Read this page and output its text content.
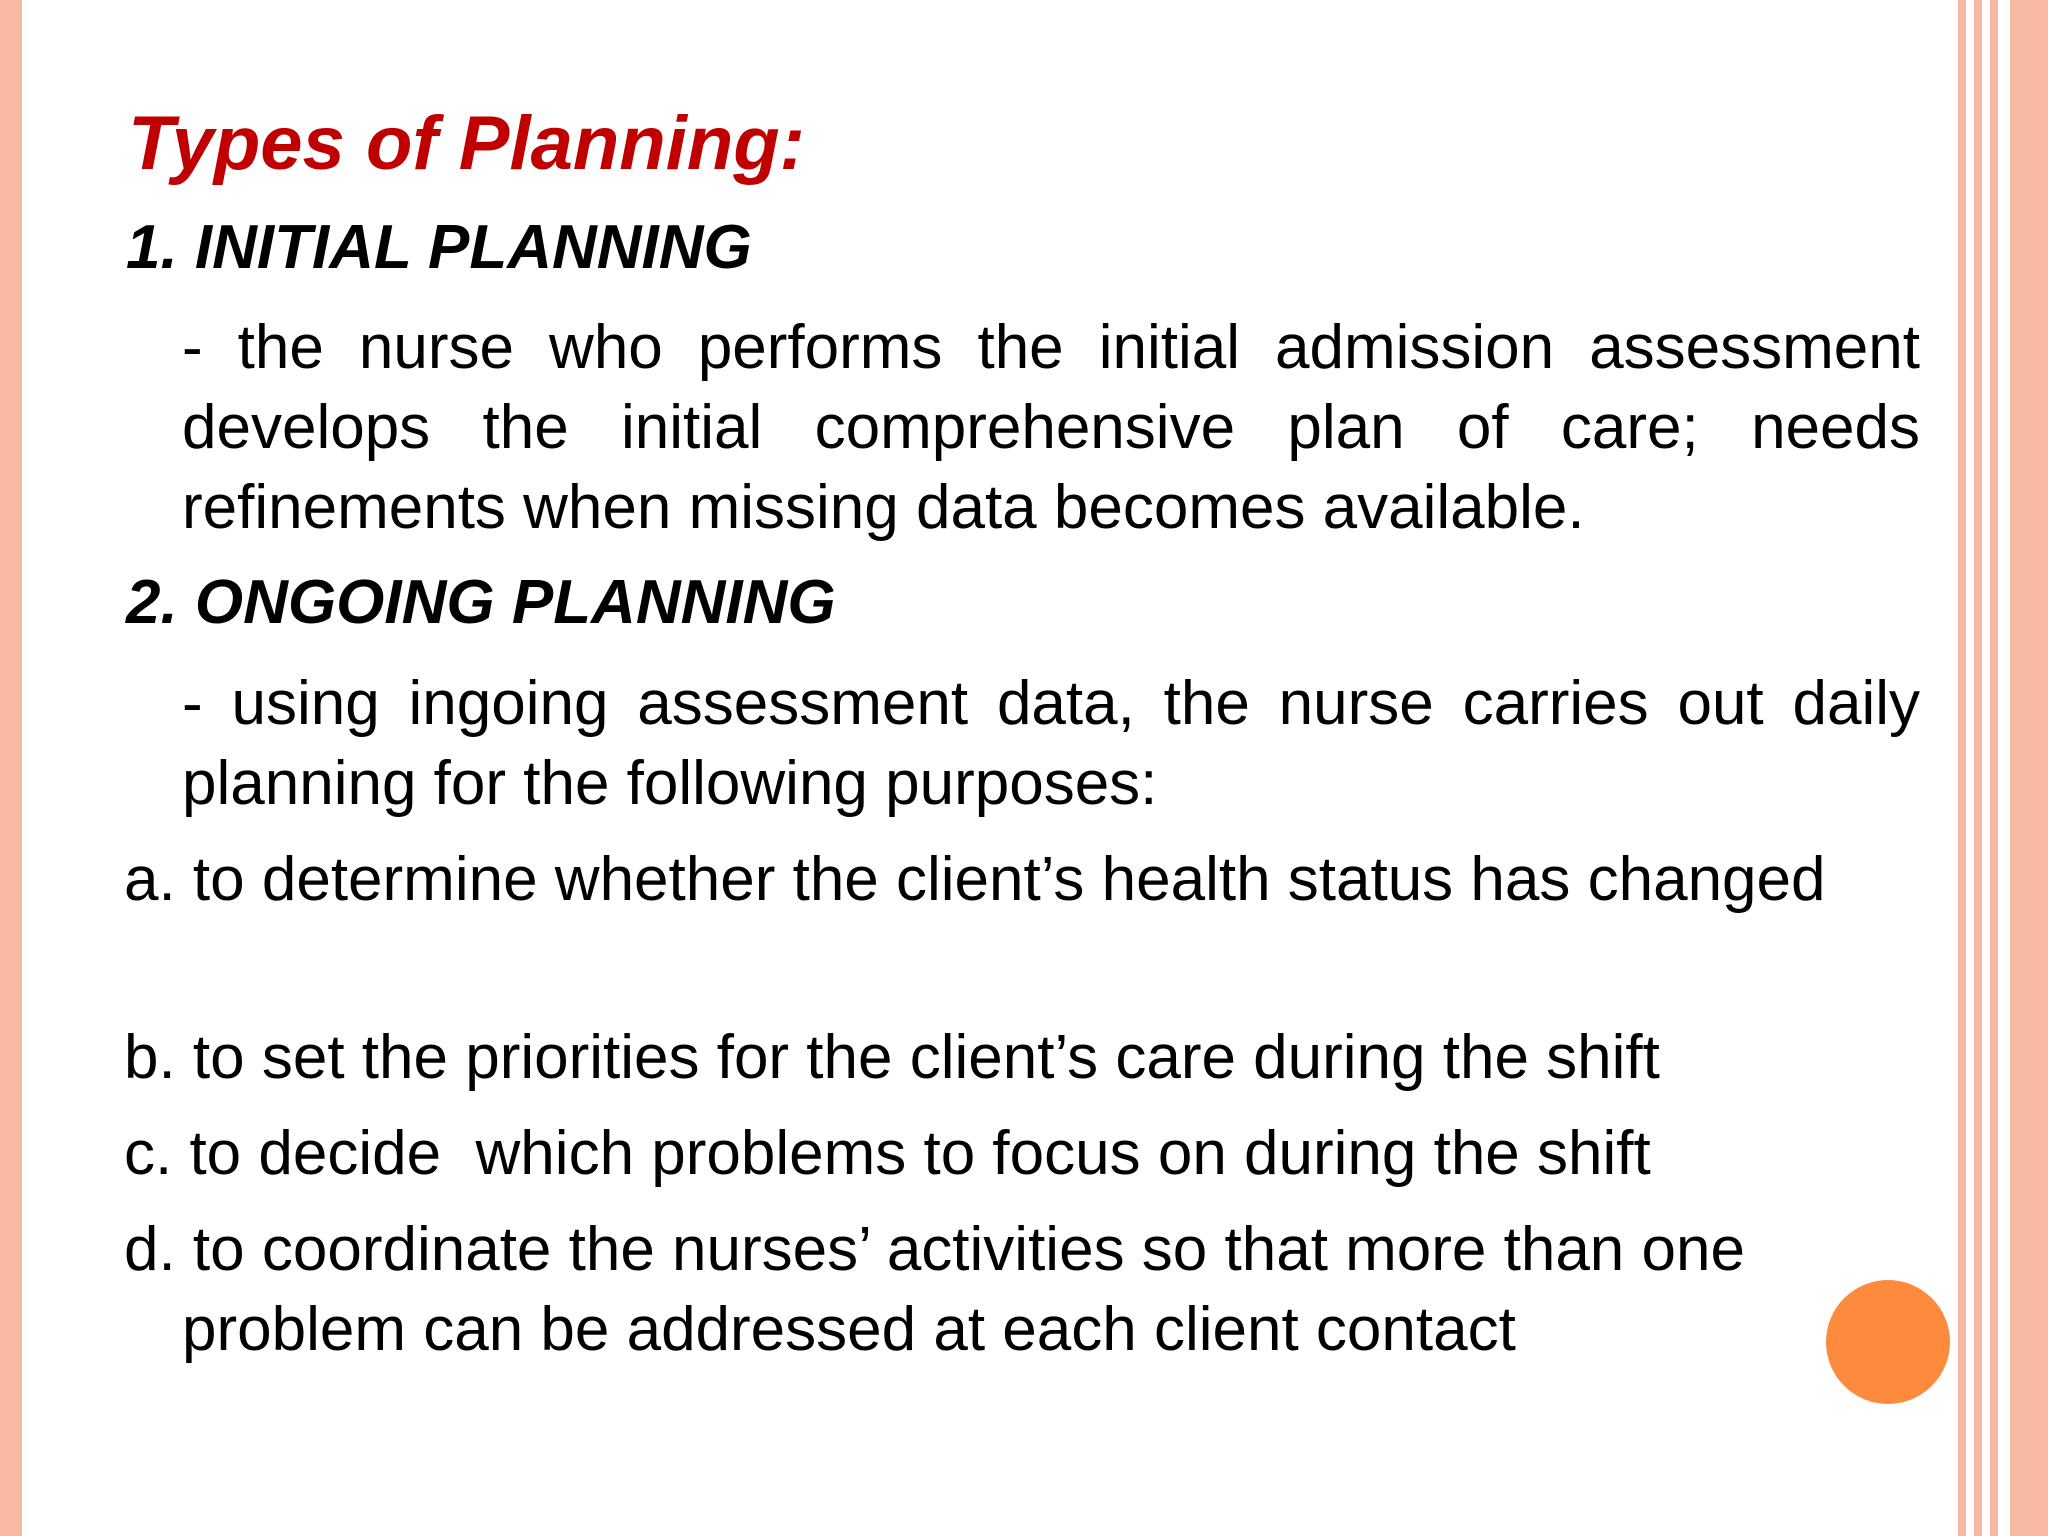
Types of Planning:
1. INITIAL PLANNING

- the nurse who performs the initial admission assessment develops the initial comprehensive plan of care; needs refinements when missing data becomes available.

2. ONGOING PLANNING

- using ingoing assessment data, the nurse carries out daily planning for the following purposes:

a. to determine whether the client’s health status has changed

b. to set the priorities for the client’s care during the shift

c. to decide  which problems to focus on during the shift

d. to coordinate the nurses’ activities so that more than one problem can be addressed at each client contact
